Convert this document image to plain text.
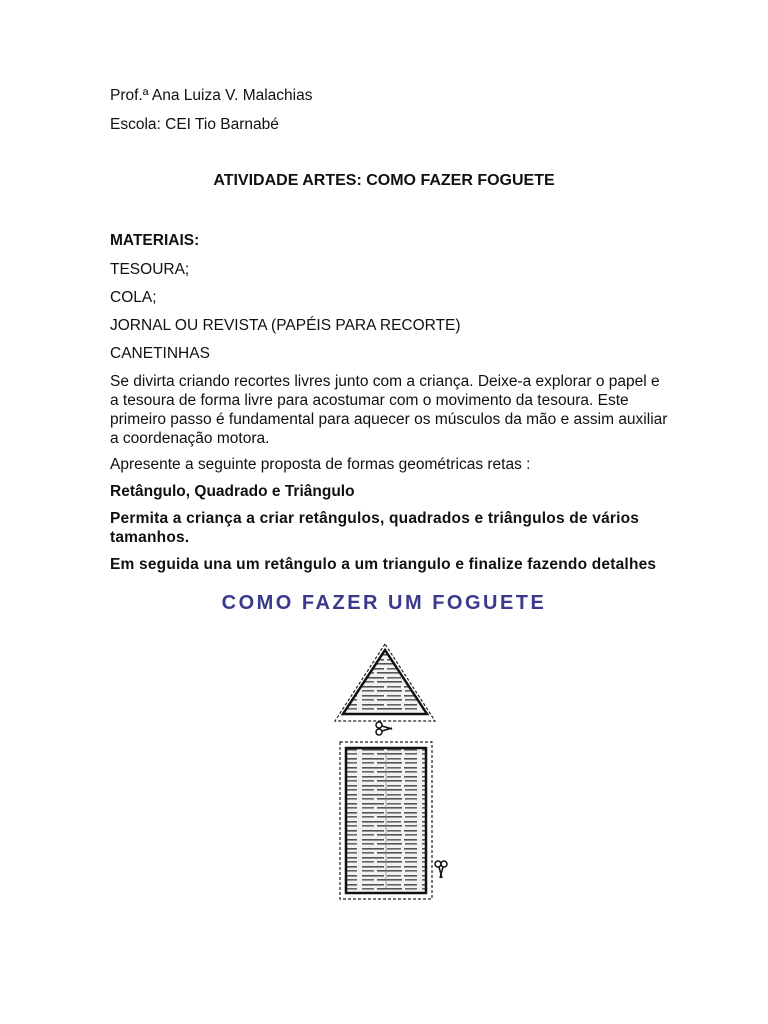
Prof.ª Ana Luiza V. Malachias
Escola: CEI Tio Barnabé
ATIVIDADE ARTES: COMO FAZER FOGUETE
MATERIAIS:
TESOURA;
COLA;
JORNAL OU REVISTA (PAPÉIS PARA RECORTE)
CANETINHAS
Se divirta criando recortes livres junto com a criança. Deixe-a explorar o papel e a tesoura de forma livre para acostumar com o movimento da tesoura. Este primeiro passo é fundamental para aquecer os músculos da mão e assim auxiliar a coordenação motora.
Apresente a seguinte proposta de formas geométricas retas :
Retângulo, Quadrado e Triângulo
Permita a criança a criar retângulos, quadrados e triângulos de vários tamanhos.
Em seguida una um retângulo a um triangulo e finalize fazendo detalhes
COMO FAZER UM FOGUETE
